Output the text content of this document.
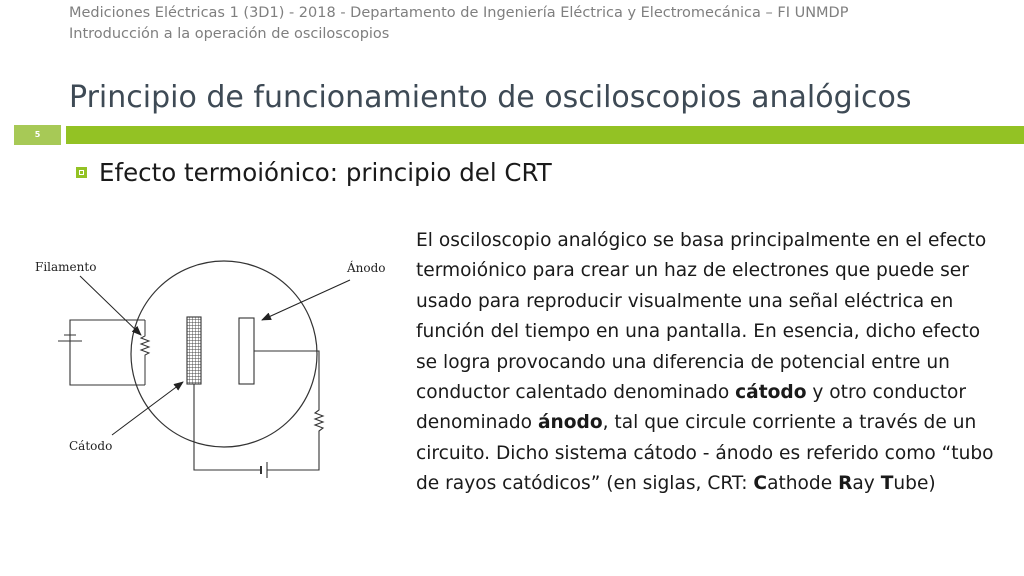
Mediciones Eléctricas 1 (3D1) - 2018 - Departamento de Ingeniería Eléctrica y Electromecánica – FI UNMDP
Introducción a la operación de osciloscopios
Principio de funcionamiento de osciloscopios analógicos
5
Efecto termoiónico: principio del CRT
Filamento	Ánodo
Cátodo

El osciloscopio analógico se basa principalmente en el efecto termoiónico para crear un haz de electrones que puede ser usado para reproducir visualmente una señal eléctrica en función del tiempo en una pantalla. En esencia, dicho efecto se logra provocando una diferencia de potencial entre un conductor calentado denominado cátodo y otro conductor denominado ánodo, tal que circule corriente a través de un circuito. Dicho sistema cátodo - ánodo es referido como “tubo de rayos catódicos” (en siglas, CRT: Cathode Ray Tube)
